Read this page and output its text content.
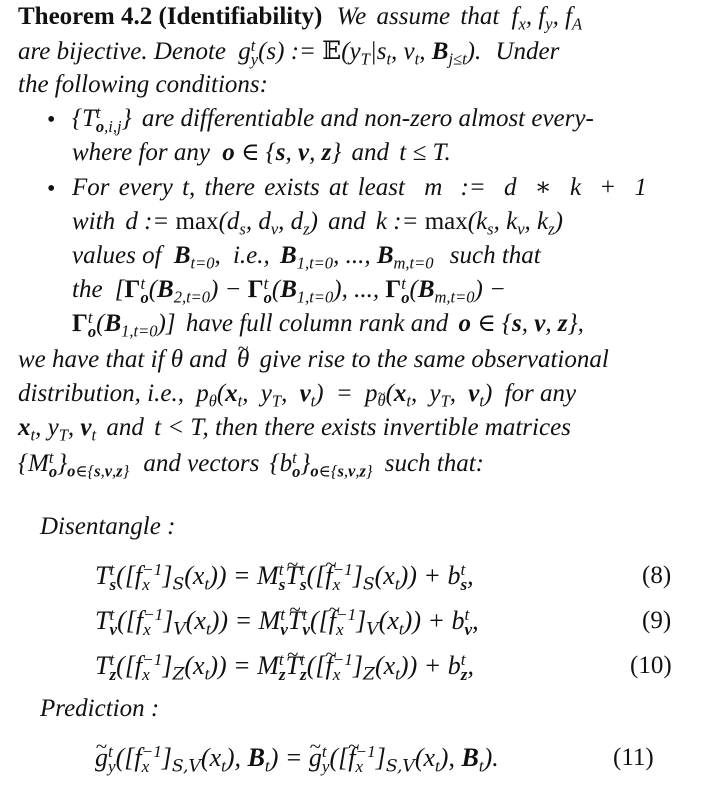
Theorem 4.2 (Identifiability) We assume that $f_x$, $f_y$, $f_A$
are bijective. Denote g t
y (s) := $𝔼(y_T|s_t$, $v_t$, $B_{j\le t}$). Under
the following conditions:
• {T t
o,i,j } are differentiable and non-zero almost every-
where for any o ∈ {s, v, z} and t ≤ T.
• For every t, there exists at least m := d ∗ k + 1
with d := $\max(d_s$, $d_v$, $d_z$) and k := $\max(k_s$, $k_v$, $k_z$)
values of $B_{t=0}$, i.e., $B_{1,t=0}$, ..., $B_{m,t=0}$ such that
the [Γ t
o $(B_{2,t=0}) - \Gamma$ t
o $(B_{1,t=0})$, ..., Γ t
o $(B_{m,t=0})$ −
Γ t
o $(B_{1,t=0})$] have full column rank and o ∈ {s, v, z},
we have that if θ and ~ θ give rise to the same observational
distribution, i.e., $p_\theta(x_t$, $y_T$, $v_t) = p_\theta(x_t$, $y_T$, $v_t$) for any
$x_t$, $y_T$, $v_t$ and t < T, then there exists invertible matrices
{M t
o }$_{o\in\{s,v,z\}}$ and vectors {b t
o }$_{o\in\{s,v,z\}}$ such that:
Disentangle :
T t
s ([f −1
x ]$_S(x_t)) = M$ t
s ~ T t
s ([~ f −1
x ]$_S(x_t)) + b$ t
s ,	(8)
T t
v ([f −1
x ]$_V(x_t)) = M$ t
v ~ T t
v ([~ f −1
x ]$_V(x_t)) + b$ t
v ,	(9)
T t
z ([f −1
x ]$_Z(x_t)) = M$ t
z ~ T t
z ([~ f −1
x ]$_Z(x_t)) + b$ t
z ,	(10)
Prediction :
~ g t
y ([f −1
x ]$_{S,V}(x_t)$, $B_t$) = ~ g t
y ([~ f −1
x ]$_{S,V}(x_t)$, $B_t$).	(11)
